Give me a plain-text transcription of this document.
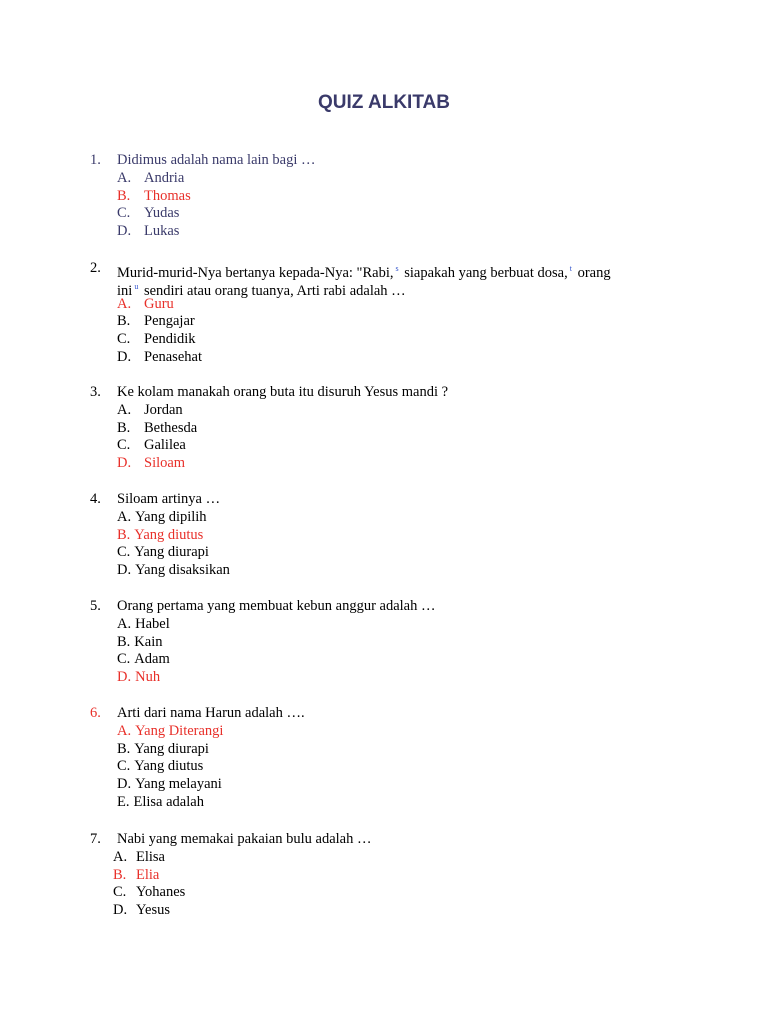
QUIZ ALKITAB
1. Didimus adalah nama lain bagi …
A. Andria
B. Thomas
C. Yudas
D. Lukas
2. Murid-murid-Nya bertanya kepada-Nya: "Rabi, $^s$ siapakah yang berbuat dosa, $^t$ orang
ini $^u$ sendiri atau orang tuanya, Arti rabi adalah …
A. Guru
B. Pengajar
C. Pendidik
D. Penasehat
3. Ke kolam manakah orang buta itu disuruh Yesus mandi ?
A. Jordan
B. Bethesda
C. Galilea
D. Siloam
4. Siloam artinya …
A. Yang dipilih
B. Yang diutus
C. Yang diurapi
D. Yang disaksikan
5. Orang pertama yang membuat kebun anggur adalah …
A. Habel
B. Kain
C. Adam
D. Nuh
6. Arti dari nama Harun adalah ….
A. Yang Diterangi
B. Yang diurapi
C. Yang diutus
D. Yang melayani
E. Elisa adalah
7. Nabi yang memakai pakaian bulu adalah …
A. Elisa
B. Elia
C. Yohanes
D. Yesus
